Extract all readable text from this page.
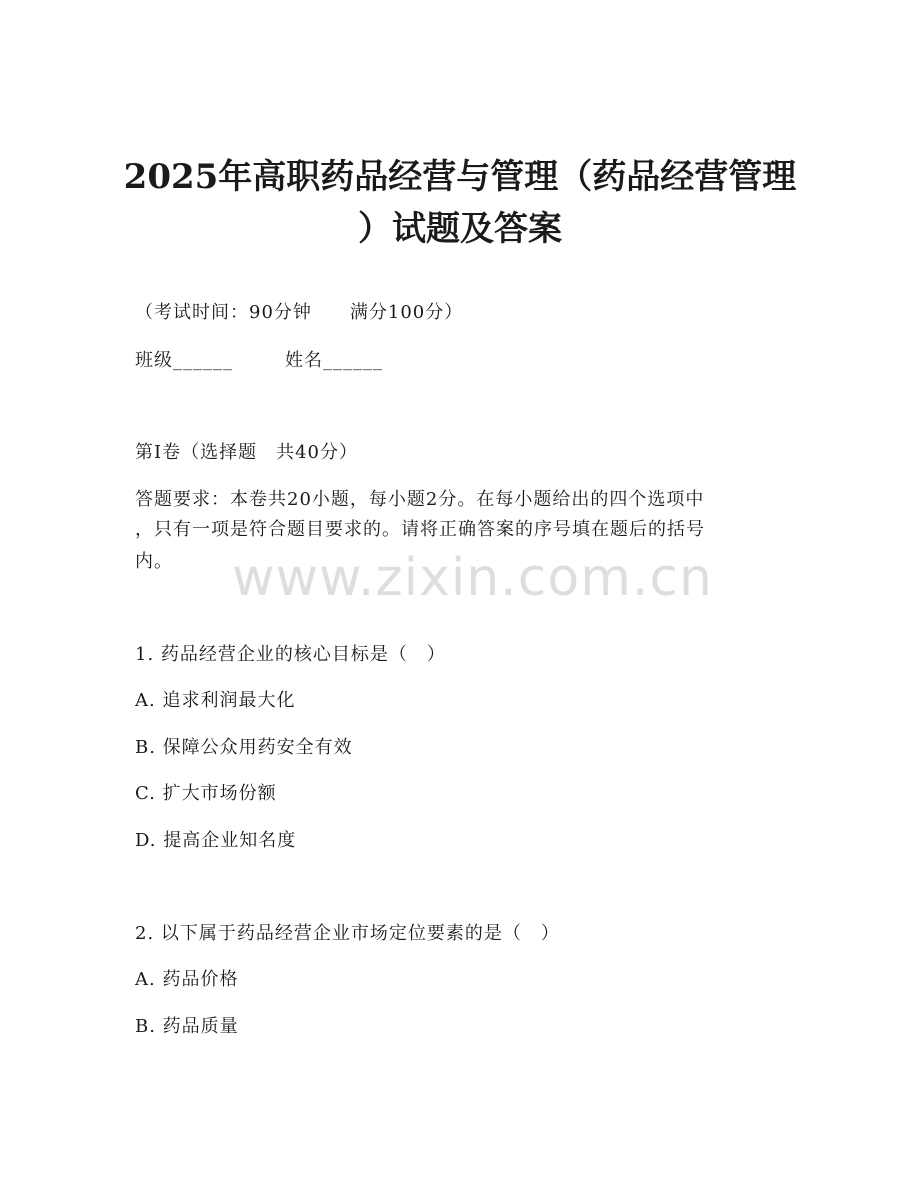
2025年高职药品经营与管理（药品经营管理
）试题及答案
（考试时间：90分钟　　满分100分）
班级______	姓名______
第I卷（选择题　共40分）
答题要求：本卷共20小题，每小题2分。在每小题给出的四个选项中
，只有一项是符合题目要求的。请将正确答案的序号填在题后的括号
内。 www.zixin.com.cn
1. 药品经营企业的核心目标是（　）
A. 追求利润最大化
B. 保障公众用药安全有效
C. 扩大市场份额
D. 提高企业知名度
2. 以下属于药品经营企业市场定位要素的是（　）
A. 药品价格
B. 药品质量
